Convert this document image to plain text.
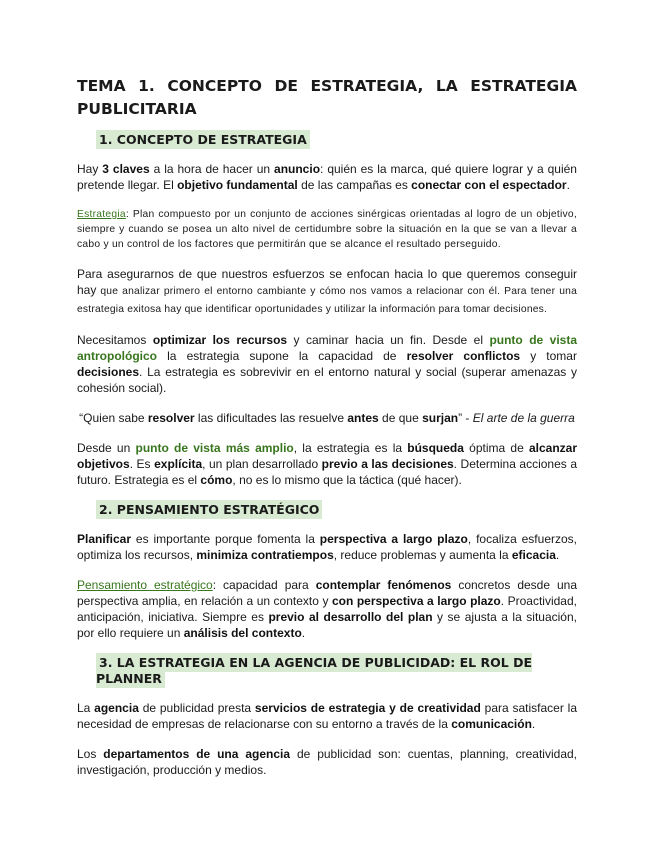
TEMA 1. CONCEPTO DE ESTRATEGIA, LA ESTRATEGIA PUBLICITARIA
1. CONCEPTO DE ESTRATEGIA

Hay 3 claves a la hora de hacer un anuncio: quién es la marca, qué quiere lograr y a quién pretende llegar. El objetivo fundamental de las campañas es conectar con el espectador.

Estrategia: Plan compuesto por un conjunto de acciones sinérgicas orientadas al logro de un objetivo, siempre y cuando se posea un alto nivel de certidumbre sobre la situación en la que se van a llevar a cabo y un control de los factores que permitirán que se alcance el resultado perseguido.

Para asegurarnos de que nuestros esfuerzos se enfocan hacia lo que queremos conseguir hay que analizar primero el entorno cambiante y cómo nos vamos a relacionar con él. Para tener una estrategia exitosa hay que identificar oportunidades y utilizar la información para tomar decisiones.

Necesitamos optimizar los recursos y caminar hacia un fin. Desde el punto de vista antropológico la estrategia supone la capacidad de resolver conflictos y tomar decisiones. La estrategia es sobrevivir en el entorno natural y social (superar amenazas y cohesión social).

“Quien sabe resolver las dificultades las resuelve antes de que surjan” - El arte de la guerra

Desde un punto de vista más amplio, la estrategia es la búsqueda óptima de alcanzar objetivos. Es explícita, un plan desarrollado previo a las decisiones. Determina acciones a futuro. Estrategia es el cómo, no es lo mismo que la táctica (qué hacer).

2. PENSAMIENTO ESTRATÉGICO

Planificar es importante porque fomenta la perspectiva a largo plazo, focaliza esfuerzos, optimiza los recursos, minimiza contratiempos, reduce problemas y aumenta la eficacia.

Pensamiento estratégico: capacidad para contemplar fenómenos concretos desde una perspectiva amplia, en relación a un contexto y con perspectiva a largo plazo. Proactividad, anticipación, iniciativa. Siempre es previo al desarrollo del plan y se ajusta a la situación, por ello requiere un análisis del contexto.

3. LA ESTRATEGIA EN LA AGENCIA DE PUBLICIDAD: EL ROL DE PLANNER

La agencia de publicidad presta servicios de estrategia y de creatividad para satisfacer la necesidad de empresas de relacionarse con su entorno a través de la comunicación.

Los departamentos de una agencia de publicidad son: cuentas, planning, creatividad, investigación, producción y medios.
